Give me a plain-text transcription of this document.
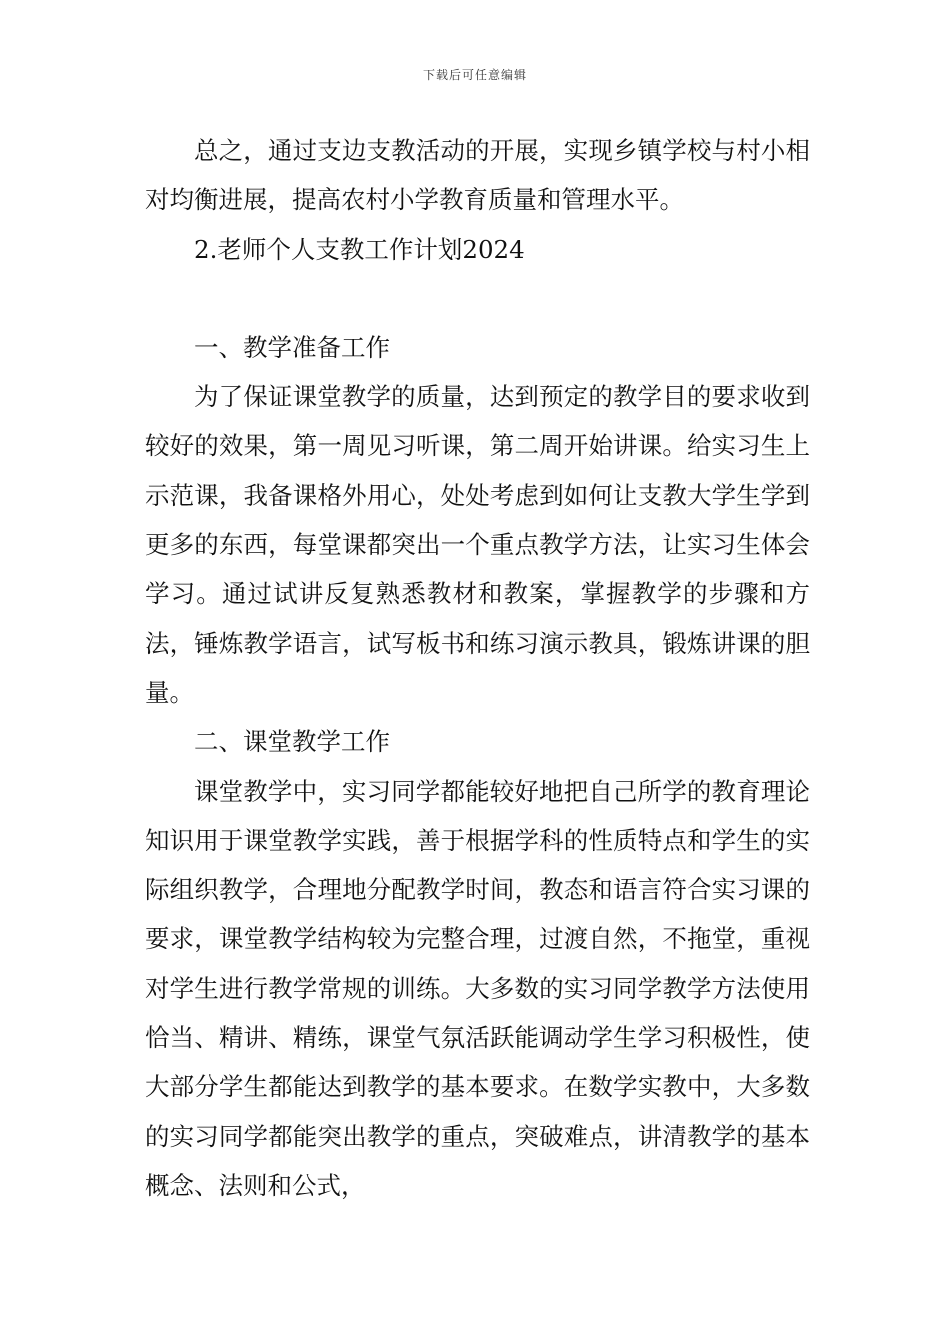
下载后可任意编辑

总之，通过支边支教活动的开展，实现乡镇学校与村小相对均衡进展，提高农村小学教育质量和管理水平。

2.老师个人支教工作计划2024

一、教学准备工作

为了保证课堂教学的质量，达到预定的教学目的要求收到较好的效果，第一周见习听课，第二周开始讲课。给实习生上示范课，我备课格外用心，处处考虑到如何让支教大学生学到更多的东西，每堂课都突出一个重点教学方法，让实习生体会学习。通过试讲反复熟悉教材和教案，掌握教学的步骤和方法，锤炼教学语言，试写板书和练习演示教具，锻炼讲课的胆量。

二、课堂教学工作

课堂教学中，实习同学都能较好地把自己所学的教育理论知识用于课堂教学实践，善于根据学科的性质特点和学生的实际组织教学，合理地分配教学时间，教态和语言符合实习课的要求，课堂教学结构较为完整合理，过渡自然，不拖堂，重视对学生进行教学常规的训练。大多数的实习同学教学方法使用恰当、精讲、精练，课堂气氛活跃能调动学生学习积极性，使大部分学生都能达到教学的基本要求。在数学实教中，大多数的实习同学都能突出教学的重点，突破难点，讲清教学的基本概念、法则和公式，
